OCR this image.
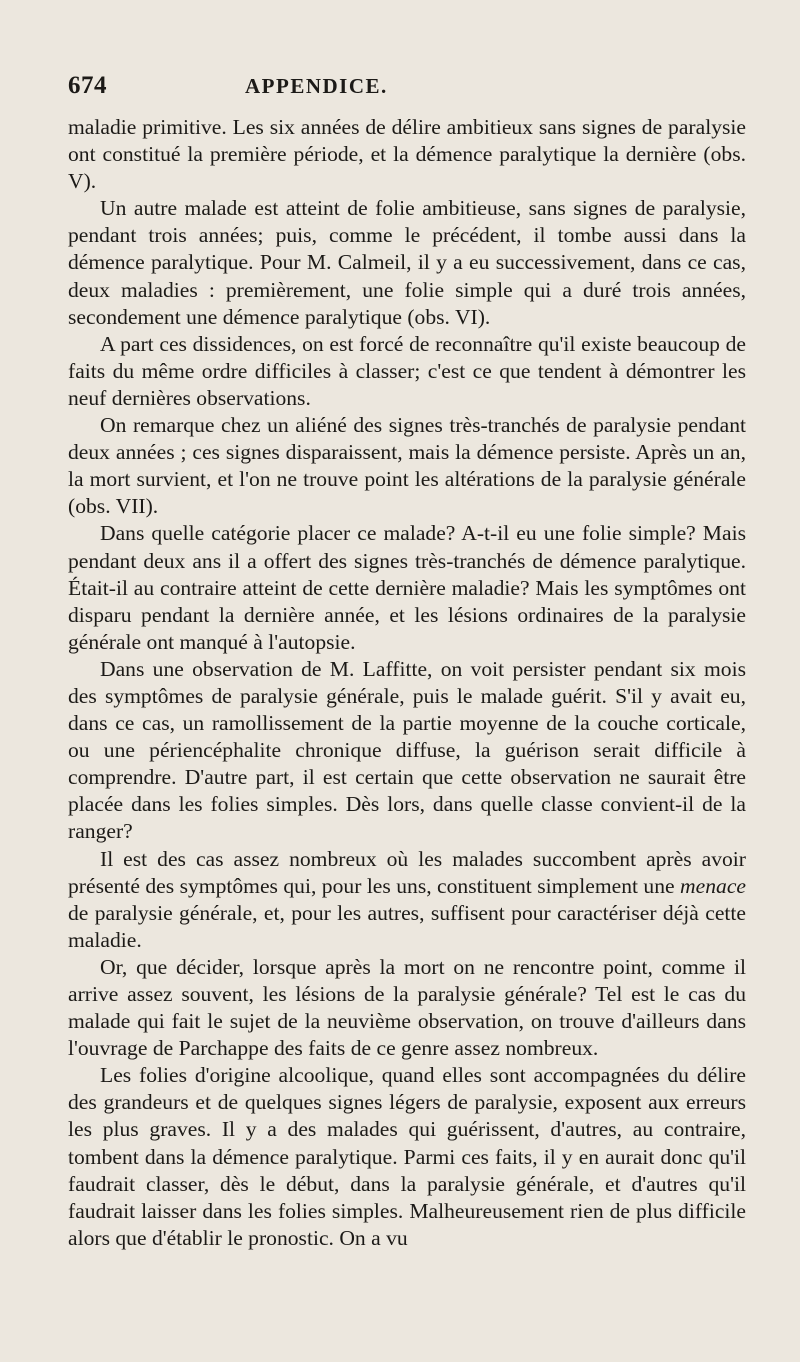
674	APPENDICE.

maladie primitive. Les six années de délire ambitieux sans signes de paralysie ont constitué la première période, et la démence paralytique la dernière (obs. V).

Un autre malade est atteint de folie ambitieuse, sans signes de paralysie, pendant trois années; puis, comme le précédent, il tombe aussi dans la démence paralytique. Pour M. Calmeil, il y a eu successivement, dans ce cas, deux maladies : premièrement, une folie simple qui a duré trois années, secondement une démence paralytique (obs. VI).

A part ces dissidences, on est forcé de reconnaître qu'il existe beaucoup de faits du même ordre difficiles à classer; c'est ce que tendent à démontrer les neuf dernières observations.

On remarque chez un aliéné des signes très-tranchés de paralysie pendant deux années ; ces signes disparaissent, mais la démence persiste. Après un an, la mort survient, et l'on ne trouve point les altérations de la paralysie générale (obs. VII).

Dans quelle catégorie placer ce malade? A-t-il eu une folie simple? Mais pendant deux ans il a offert des signes très-tranchés de démence paralytique. Était-il au contraire atteint de cette dernière maladie? Mais les symptômes ont disparu pendant la dernière année, et les lésions ordinaires de la paralysie générale ont manqué à l'autopsie.

Dans une observation de M. Laffitte, on voit persister pendant six mois des symptômes de paralysie générale, puis le malade guérit. S'il y avait eu, dans ce cas, un ramollissement de la partie moyenne de la couche corticale, ou une périencéphalite chronique diffuse, la guérison serait difficile à comprendre. D'autre part, il est certain que cette observation ne saurait être placée dans les folies simples. Dès lors, dans quelle classe convient-il de la ranger?

Il est des cas assez nombreux où les malades succombent après avoir présenté des symptômes qui, pour les uns, constituent simplement une menace de paralysie générale, et, pour les autres, suffisent pour caractériser déjà cette maladie.

Or, que décider, lorsque après la mort on ne rencontre point, comme il arrive assez souvent, les lésions de la paralysie générale? Tel est le cas du malade qui fait le sujet de la neuvième observation, on trouve d'ailleurs dans l'ouvrage de Parchappe des faits de ce genre assez nombreux.

Les folies d'origine alcoolique, quand elles sont accompagnées du délire des grandeurs et de quelques signes légers de paralysie, exposent aux erreurs les plus graves. Il y a des malades qui guérissent, d'autres, au contraire, tombent dans la démence paralytique. Parmi ces faits, il y en aurait donc qu'il faudrait classer, dès le début, dans la paralysie générale, et d'autres qu'il faudrait laisser dans les folies simples. Malheureusement rien de plus difficile alors que d'établir le pronostic. On a vu
